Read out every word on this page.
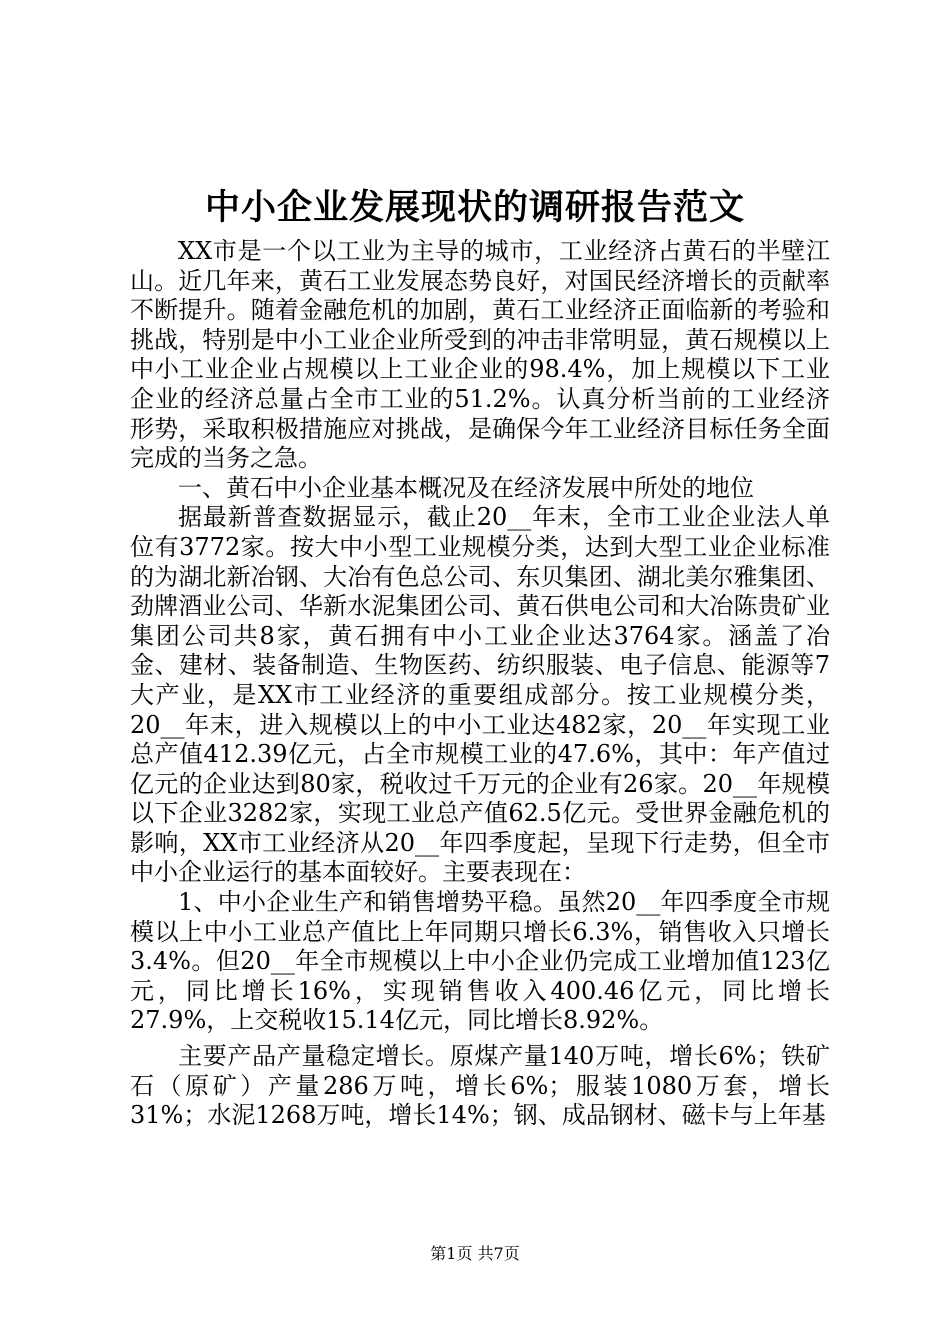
中小企业发展现状的调研报告范文

XX市是一个以工业为主导的城市，工业经济占黄石的半壁江山。近几年来，黄石工业发展态势良好，对国民经济增长的贡献率不断提升。随着金融危机的加剧，黄石工业经济正面临新的考验和挑战，特别是中小工业企业所受到的冲击非常明显，黄石规模以上中小工业企业占规模以上工业企业的98.4%，加上规模以下工业企业的经济总量占全市工业的51.2%。认真分析当前的工业经济形势，采取积极措施应对挑战，是确保今年工业经济目标任务全面完成的当务之急。

一、黄石中小企业基本概况及在经济发展中所处的地位

据最新普查数据显示，截止20__年末，全市工业企业法人单位有3772家。按大中小型工业规模分类，达到大型工业企业标准的为湖北新冶钢、大冶有色总公司、东贝集团、湖北美尔雅集团、劲牌酒业公司、华新水泥集团公司、黄石供电公司和大冶陈贵矿业集团公司共8家，黄石拥有中小工业企业达3764家。涵盖了冶金、建材、装备制造、生物医药、纺织服装、电子信息、能源等7大产业，是XX市工业经济的重要组成部分。按工业规模分类，20__年末，进入规模以上的中小工业达482家，20__年实现工业总产值412.39亿元，占全市规模工业的47.6%，其中：年产值过亿元的企业达到80家，税收过千万元的企业有26家。20__年规模以下企业3282家，实现工业总产值62.5亿元。受世界金融危机的影响，XX市工业经济从20__年四季度起，呈现下行走势，但全市中小企业运行的基本面较好。主要表现在：

1、中小企业生产和销售增势平稳。虽然20__年四季度全市规模以上中小工业总产值比上年同期只增长6.3%，销售收入只增长3.4%。但20__年全市规模以上中小企业仍完成工业增加值123亿元，同比增长16%，实现销售收入400.46亿元，同比增长27.9%，上交税收15.14亿元，同比增长8.92%。

主要产品产量稳定增长。原煤产量140万吨，增长6%；铁矿石（原矿）产量286万吨，增长6%；服装1080万套，增长31%；水泥1268万吨，增长14%；钢、成品钢材、磁卡与上年基

第1页 共7页
